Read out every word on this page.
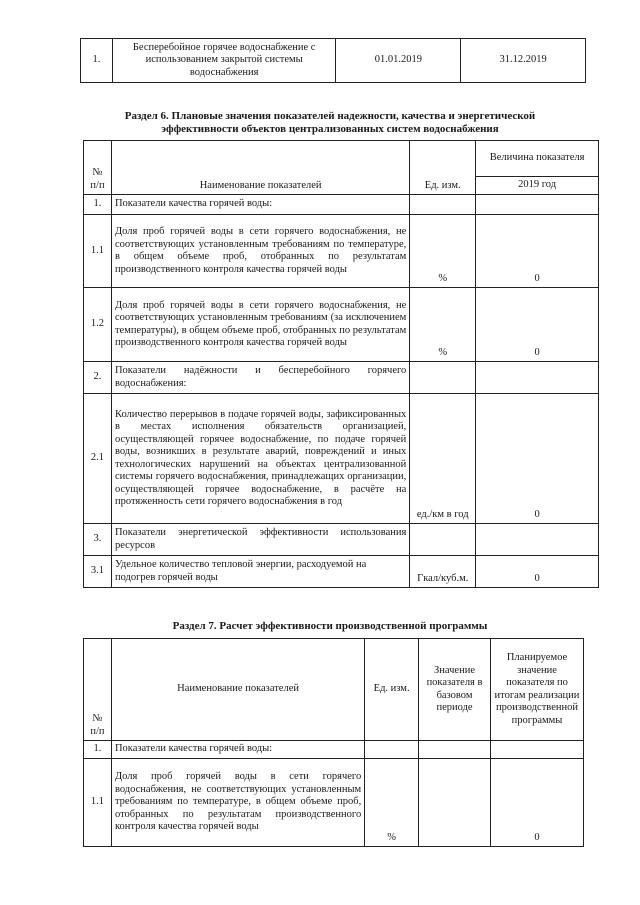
1.	Бесперебойное горячее водоснабжение с использованием закрытой системы водоснабжения	01.01.2019	31.12.2019
Раздел 6. Плановые значения показателей надежности, качества и энергетической
эффективности объектов централизованных систем водоснабжения
№ п/п	Наименование показателей	Ед. изм.	Величина показателя
			2019 год
1.	Показатели качества горячей воды:		
1.1	Доля проб горячей воды в сети горячего водоснабжения, не соответствующих установленным требованиям по температуре, в общем объеме проб, отобранных по результатам производственного контроля качества горячей воды	%	0
1.2	Доля проб горячей воды в сети горячего водоснабжения, не соответствующих установленным требованиям (за исключением температуры), в общем объеме проб, отобранных по результатам производственного контроля качества горячей воды	%	0
2.	Показатели надёжности и бесперебойного горячего водоснабжения:		
2.1	Количество перерывов в подаче горячей воды, зафиксированных в местах исполнения обязательств организацией, осуществляющей горячее водоснабжение, по подаче горячей воды, возникших в результате аварий, повреждений и иных технологических нарушений на объектах централизованной системы горячего водоснабжения, принадлежащих организации, осуществляющей горячее водоснабжение, в расчёте на протяженность сети горячего водоснабжения в год	ед./км в год	0
3.	Показатели энергетической эффективности использования ресурсов		
3.1	Удельное количество тепловой энергии, расходуемой на подогрев горячей воды	Гкал/куб.м.	0
Раздел 7. Расчет эффективности производственной программы
№ п/п	Наименование показателей	Ед. изм.	Значение показателя в базовом периоде	Планируемое значение показателя по итогам реализации производственной программы
1.	Показатели качества горячей воды:			
1.1	Доля проб горячей воды в сети горячего водоснабжения, не соответствующих установленным требованиям по температуре, в общем объеме проб, отобранных по результатам производственного контроля качества горячей воды	%		0
